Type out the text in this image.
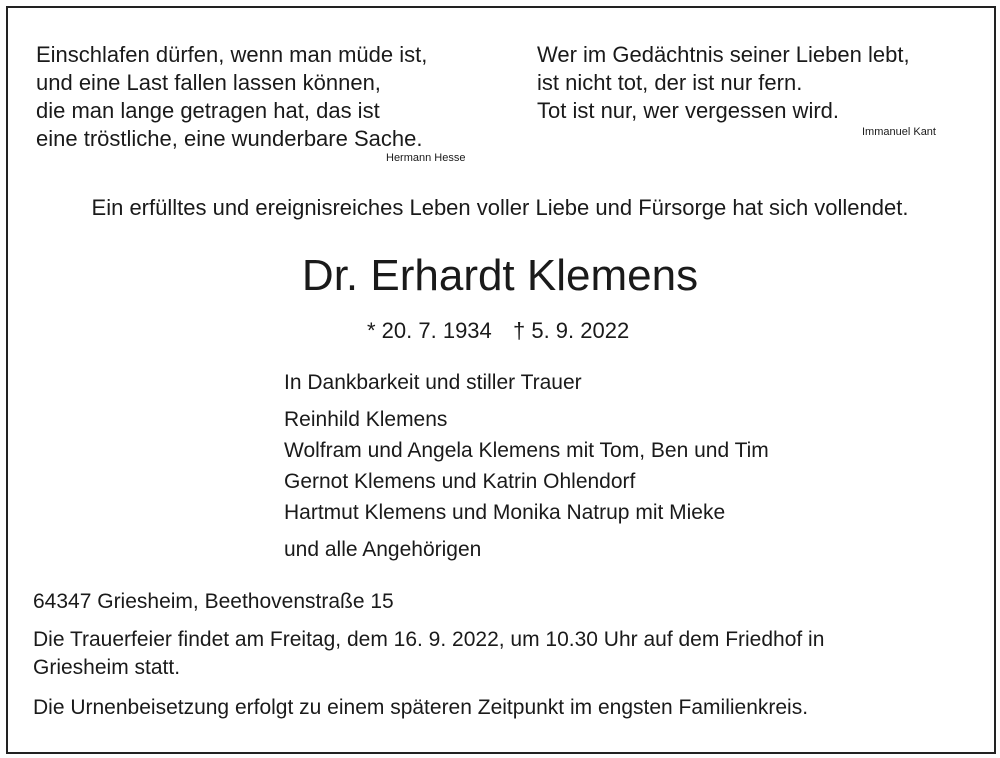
Einschlafen dürfen, wenn man müde ist,

und eine Last fallen lassen können,

die man lange getragen hat, das ist

eine tröstliche, eine wunderbare Sache.

Hermann Hesse

Wer im Gedächtnis seiner Lieben lebt,

ist nicht tot, der ist nur fern.

Tot ist nur, wer vergessen wird.

Immanuel Kant
Ein erfülltes und ereignisreiches Leben voller Liebe und Fürsorge hat sich vollendet.
Dr. Erhardt Klemens
* 20. 7. 1934 † 5. 9. 2022
In Dankbarkeit und stiller Trauer

Reinhild Klemens

Wolfram und Angela Klemens mit Tom, Ben und Tim

Gernot Klemens und Katrin Ohlendorf

Hartmut Klemens und Monika Natrup mit Mieke

und alle Angehörigen
64347 Griesheim, Beethovenstraße 15
Die Trauerfeier findet am Freitag, dem 16. 9. 2022, um 10.30 Uhr auf dem Friedhof in
Griesheim statt.
Die Urnenbeisetzung erfolgt zu einem späteren Zeitpunkt im engsten Familienkreis.
